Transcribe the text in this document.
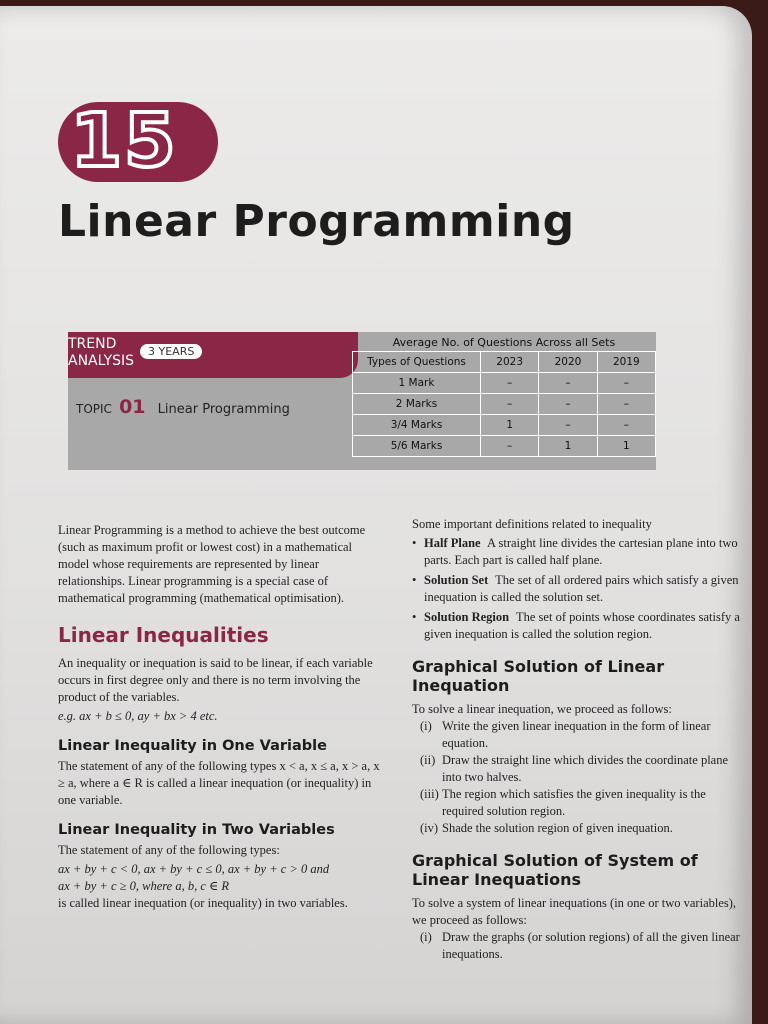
15
Linear Programming
TREND
ANALYSIS
3 YEARS
TOPIC 01 Linear Programming
Average No. of Questions Across all Sets
Types of Questions	2023	2020	2019
1 Mark	–	–	–
2 Marks	–	–	–
3/4 Marks	1	–	–
5/6 Marks	–	1	1

Linear Programming is a method to achieve the best outcome (such as maximum profit or lowest cost) in a mathematical model whose requirements are represented by linear relationships. Linear programming is a special case of mathematical programming (mathematical optimisation).

Linear Inequalities

An inequality or inequation is said to be linear, if each variable occurs in first degree only and there is no term involving the product of the variables.

e.g. ax + b ≤ 0, ay + bx > 4 etc.

Linear Inequality in One Variable

The statement of any of the following types x < a, x ≤ a, x > a, x ≥ a, where a ∈ R is called a linear inequation (or inequality) in one variable.

Linear Inequality in Two Variables

The statement of any of the following types:

ax + by + c < 0, ax + by + c ≤ 0, ax + by + c > 0 and

ax + by + c ≥ 0, where a, b, c ∈ R

is called linear inequation (or inequality) in two variables.

Some important definitions related to inequality

• Half Plane A straight line divides the cartesian plane into two parts. Each part is called half plane.
• Solution Set The set of all ordered pairs which satisfy a given inequation is called the solution set.
• Solution Region The set of points whose coordinates satisfy a given inequation is called the solution region.
Graphical Solution of Linear Inequation

To solve a linear inequation, we proceed as follows:

(i) Write the given linear inequation in the form of linear equation.
(ii) Draw the straight line which divides the coordinate plane into two halves.
(iii) The region which satisfies the given inequality is the required solution region.
(iv) Shade the solution region of given inequation.
Graphical Solution of System of Linear Inequations

To solve a system of linear inequations (in one or two variables), we proceed as follows:

(i) Draw the graphs (or solution regions) of all the given linear inequations.
